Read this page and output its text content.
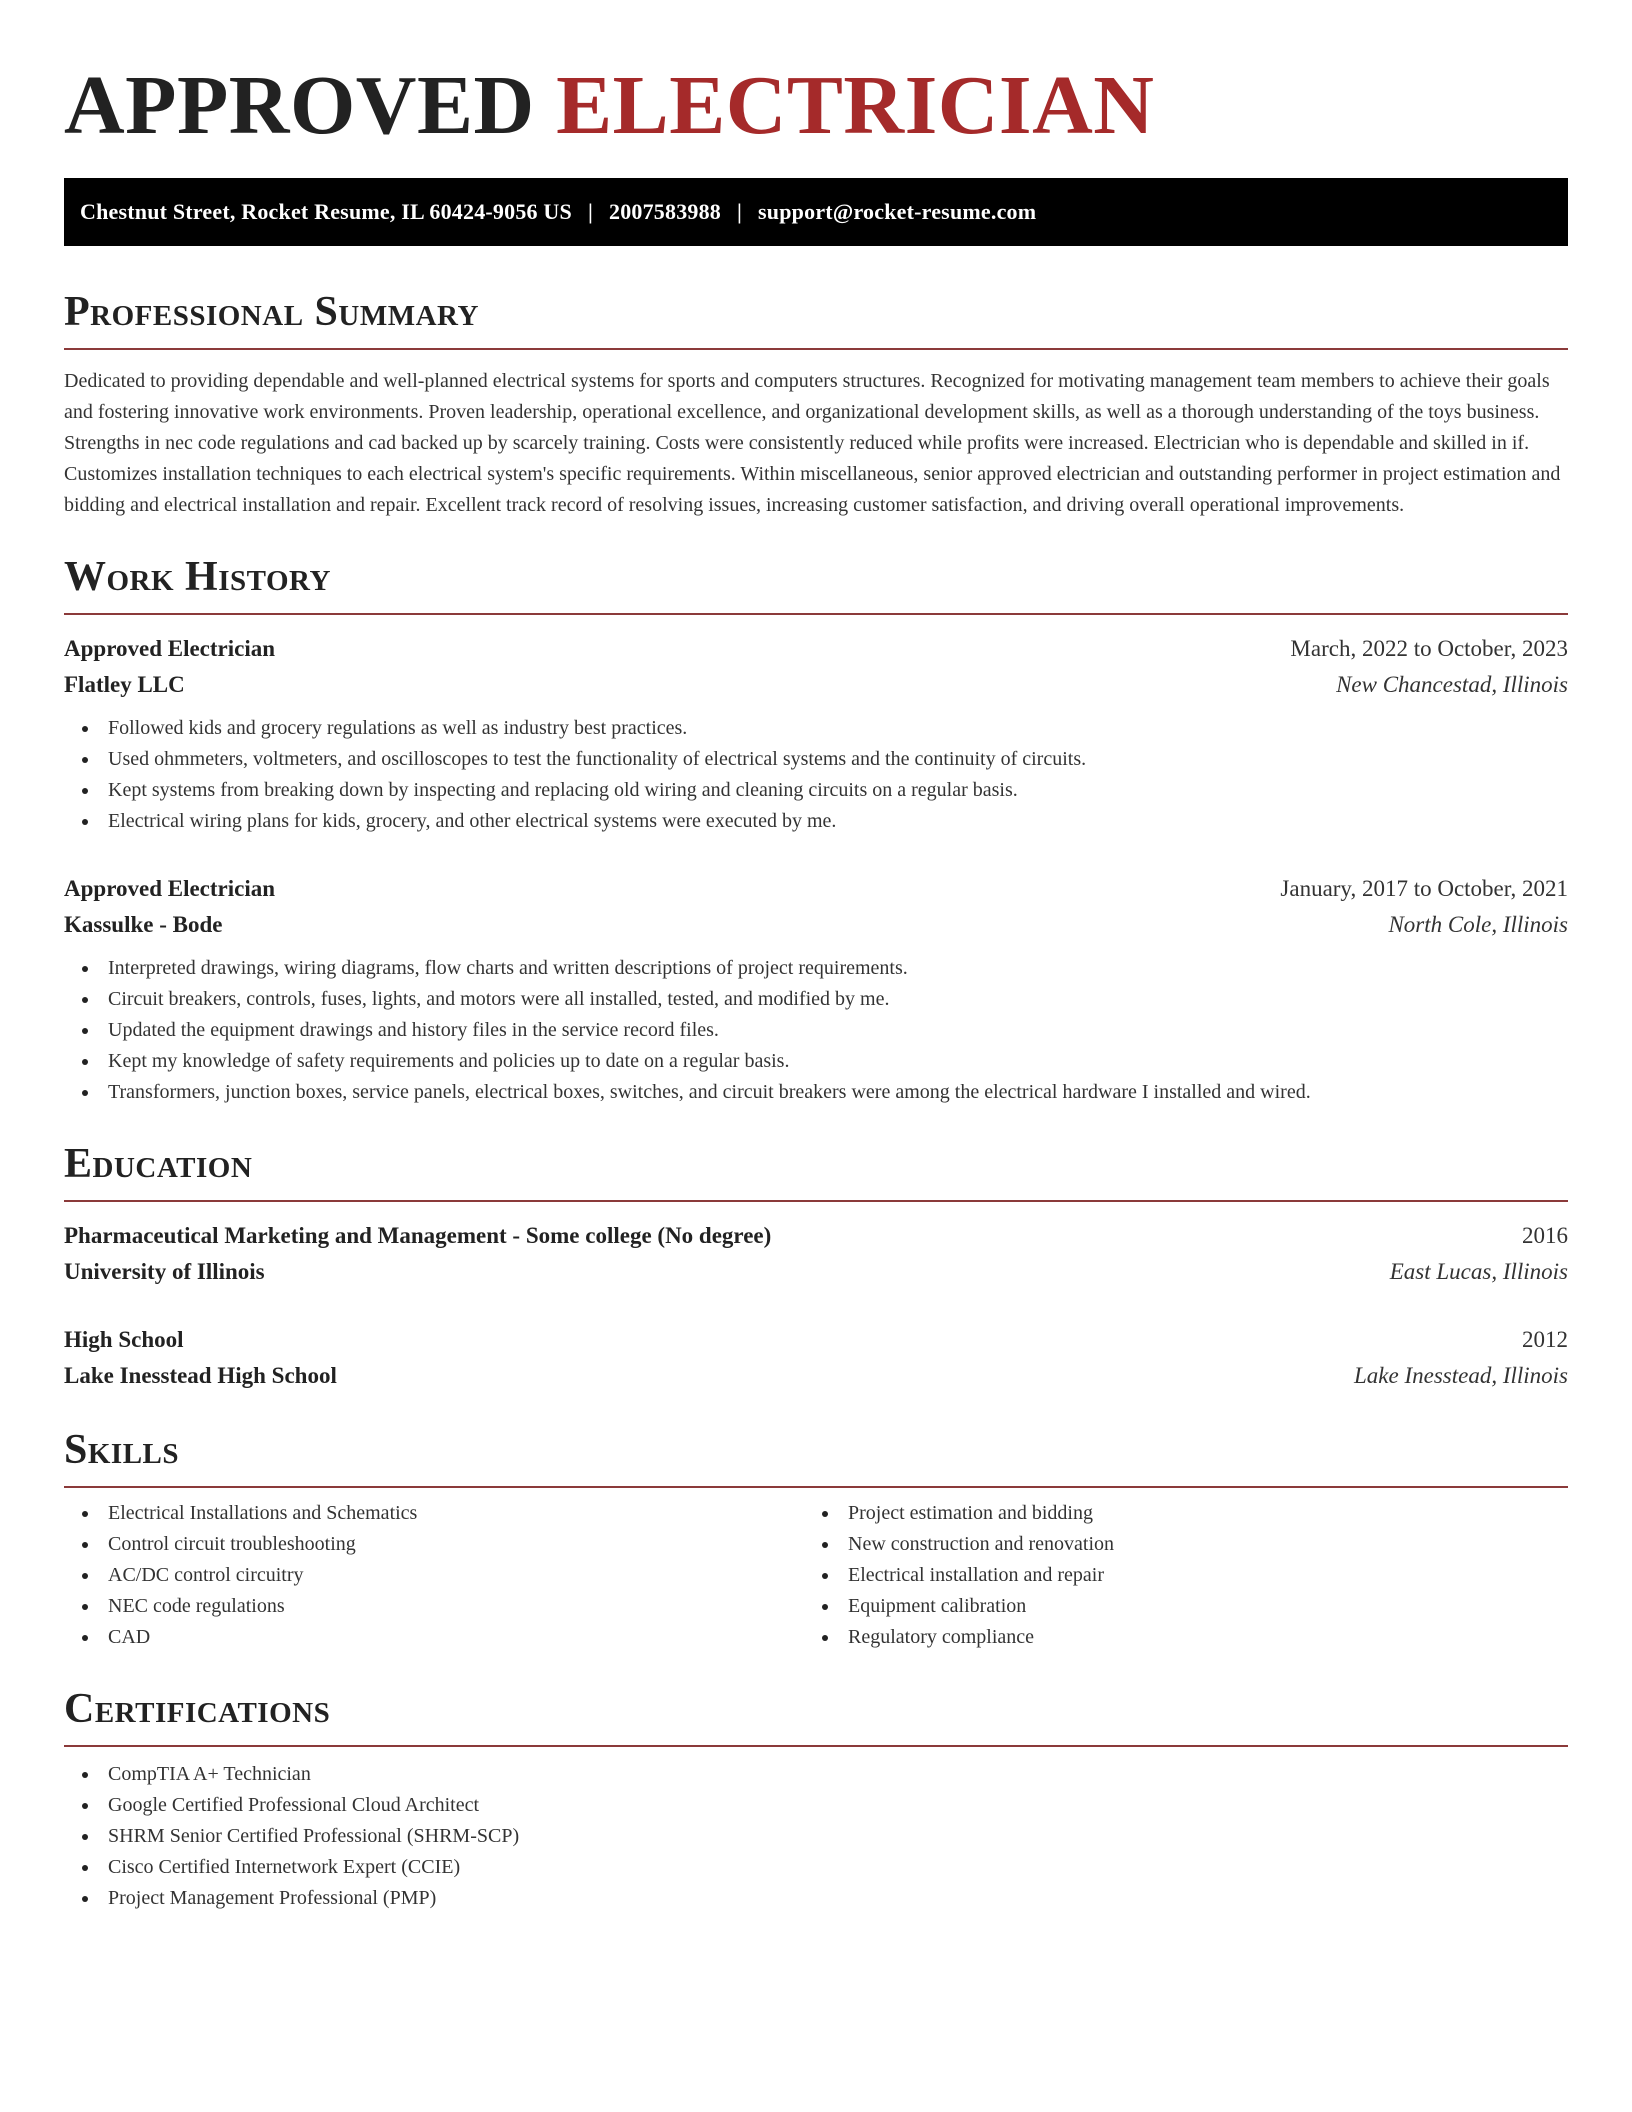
APPROVED ELECTRICIAN
Chestnut Street, Rocket Resume, IL 60424-9056 US | 2007583988 | support@rocket-resume.com
Professional Summary

Dedicated to providing dependable and well-planned electrical systems for sports and computers structures. Recognized for motivating management team members to achieve their goals and fostering innovative work environments. Proven leadership, operational excellence, and organizational development skills, as well as a thorough understanding of the toys business. Strengths in nec code regulations and cad backed up by scarcely training. Costs were consistently reduced while profits were increased. Electrician who is dependable and skilled in if. Customizes installation techniques to each electrical system's specific requirements. Within miscellaneous, senior approved electrician and outstanding performer in project estimation and bidding and electrical installation and repair. Excellent track record of resolving issues, increasing customer satisfaction, and driving overall operational improvements.

Work History
Approved Electrician	March, 2022 to October, 2023
Flatley LLC	New Chancestad, Illinois
Followed kids and grocery regulations as well as industry best practices.
Used ohmmeters, voltmeters, and oscilloscopes to test the functionality of electrical systems and the continuity of circuits.
Kept systems from breaking down by inspecting and replacing old wiring and cleaning circuits on a regular basis.
Electrical wiring plans for kids, grocery, and other electrical systems were executed by me.
Approved Electrician	January, 2017 to October, 2021
Kassulke - Bode	North Cole, Illinois
Interpreted drawings, wiring diagrams, flow charts and written descriptions of project requirements.
Circuit breakers, controls, fuses, lights, and motors were all installed, tested, and modified by me.
Updated the equipment drawings and history files in the service record files.
Kept my knowledge of safety requirements and policies up to date on a regular basis.
Transformers, junction boxes, service panels, electrical boxes, switches, and circuit breakers were among the electrical hardware I installed and wired.
Education
Pharmaceutical Marketing and Management - Some college (No degree)	2016
University of Illinois	East Lucas, Illinois
High School	2012
Lake Inesstead High School	Lake Inesstead, Illinois
Skills
Electrical Installations and Schematics
Control circuit troubleshooting
AC/DC control circuitry
NEC code regulations
CAD
Project estimation and bidding
New construction and renovation
Electrical installation and repair
Equipment calibration
Regulatory compliance
Certifications
CompTIA A+ Technician
Google Certified Professional Cloud Architect
SHRM Senior Certified Professional (SHRM-SCP)
Cisco Certified Internetwork Expert (CCIE)
Project Management Professional (PMP)
